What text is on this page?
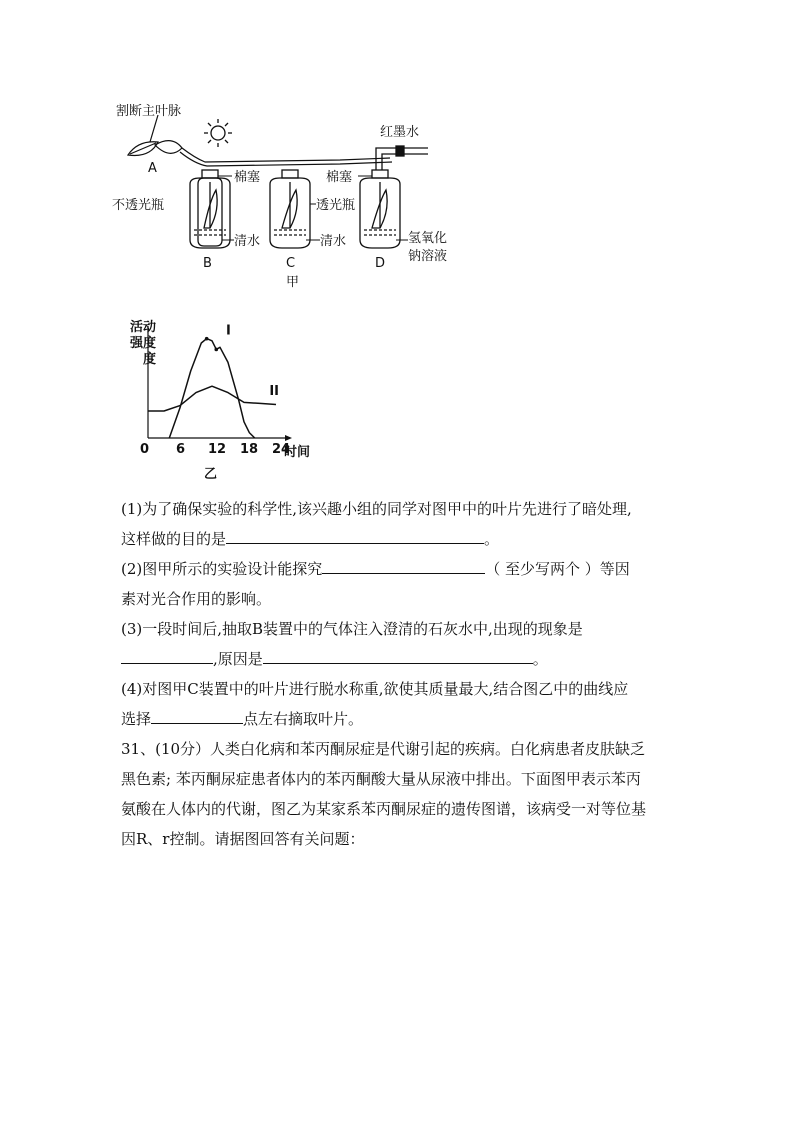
割断主叶脉
A
红墨水
棉塞	棉塞
不透光瓶	透光瓶
清水	清水	氢氧化
钠溶液
B	C	D
甲
活动
强度
度
时间
0 6 12 18 24
I
II
乙
(1)为了确保实验的科学性,该兴趣小组的同学对图甲中的叶片先进行了暗处理,
这样做的目的是	。
(2)图甲所示的实验设计能探究	（ 至少写两个 ）等因
素对光合作用的影响。
(3)一段时间后,抽取B装置中的气体注入澄清的石灰水中,出现的现象是
,原因是	。
(4)对图甲C装置中的叶片进行脱水称重,欲使其质量最大,结合图乙中的曲线应
选择	点左右摘取叶片。
31、(10分）人类白化病和苯丙酮尿症是代谢引起的疾病。白化病患者皮肤缺乏
黑色素; 苯丙酮尿症患者体内的苯丙酮酸大量从尿液中排出。下面图甲表示苯丙
氨酸在人体内的代谢，图乙为某家系苯丙酮尿症的遗传图谱，该病受一对等位基
因R、r控制。请据图回答有关问题：
